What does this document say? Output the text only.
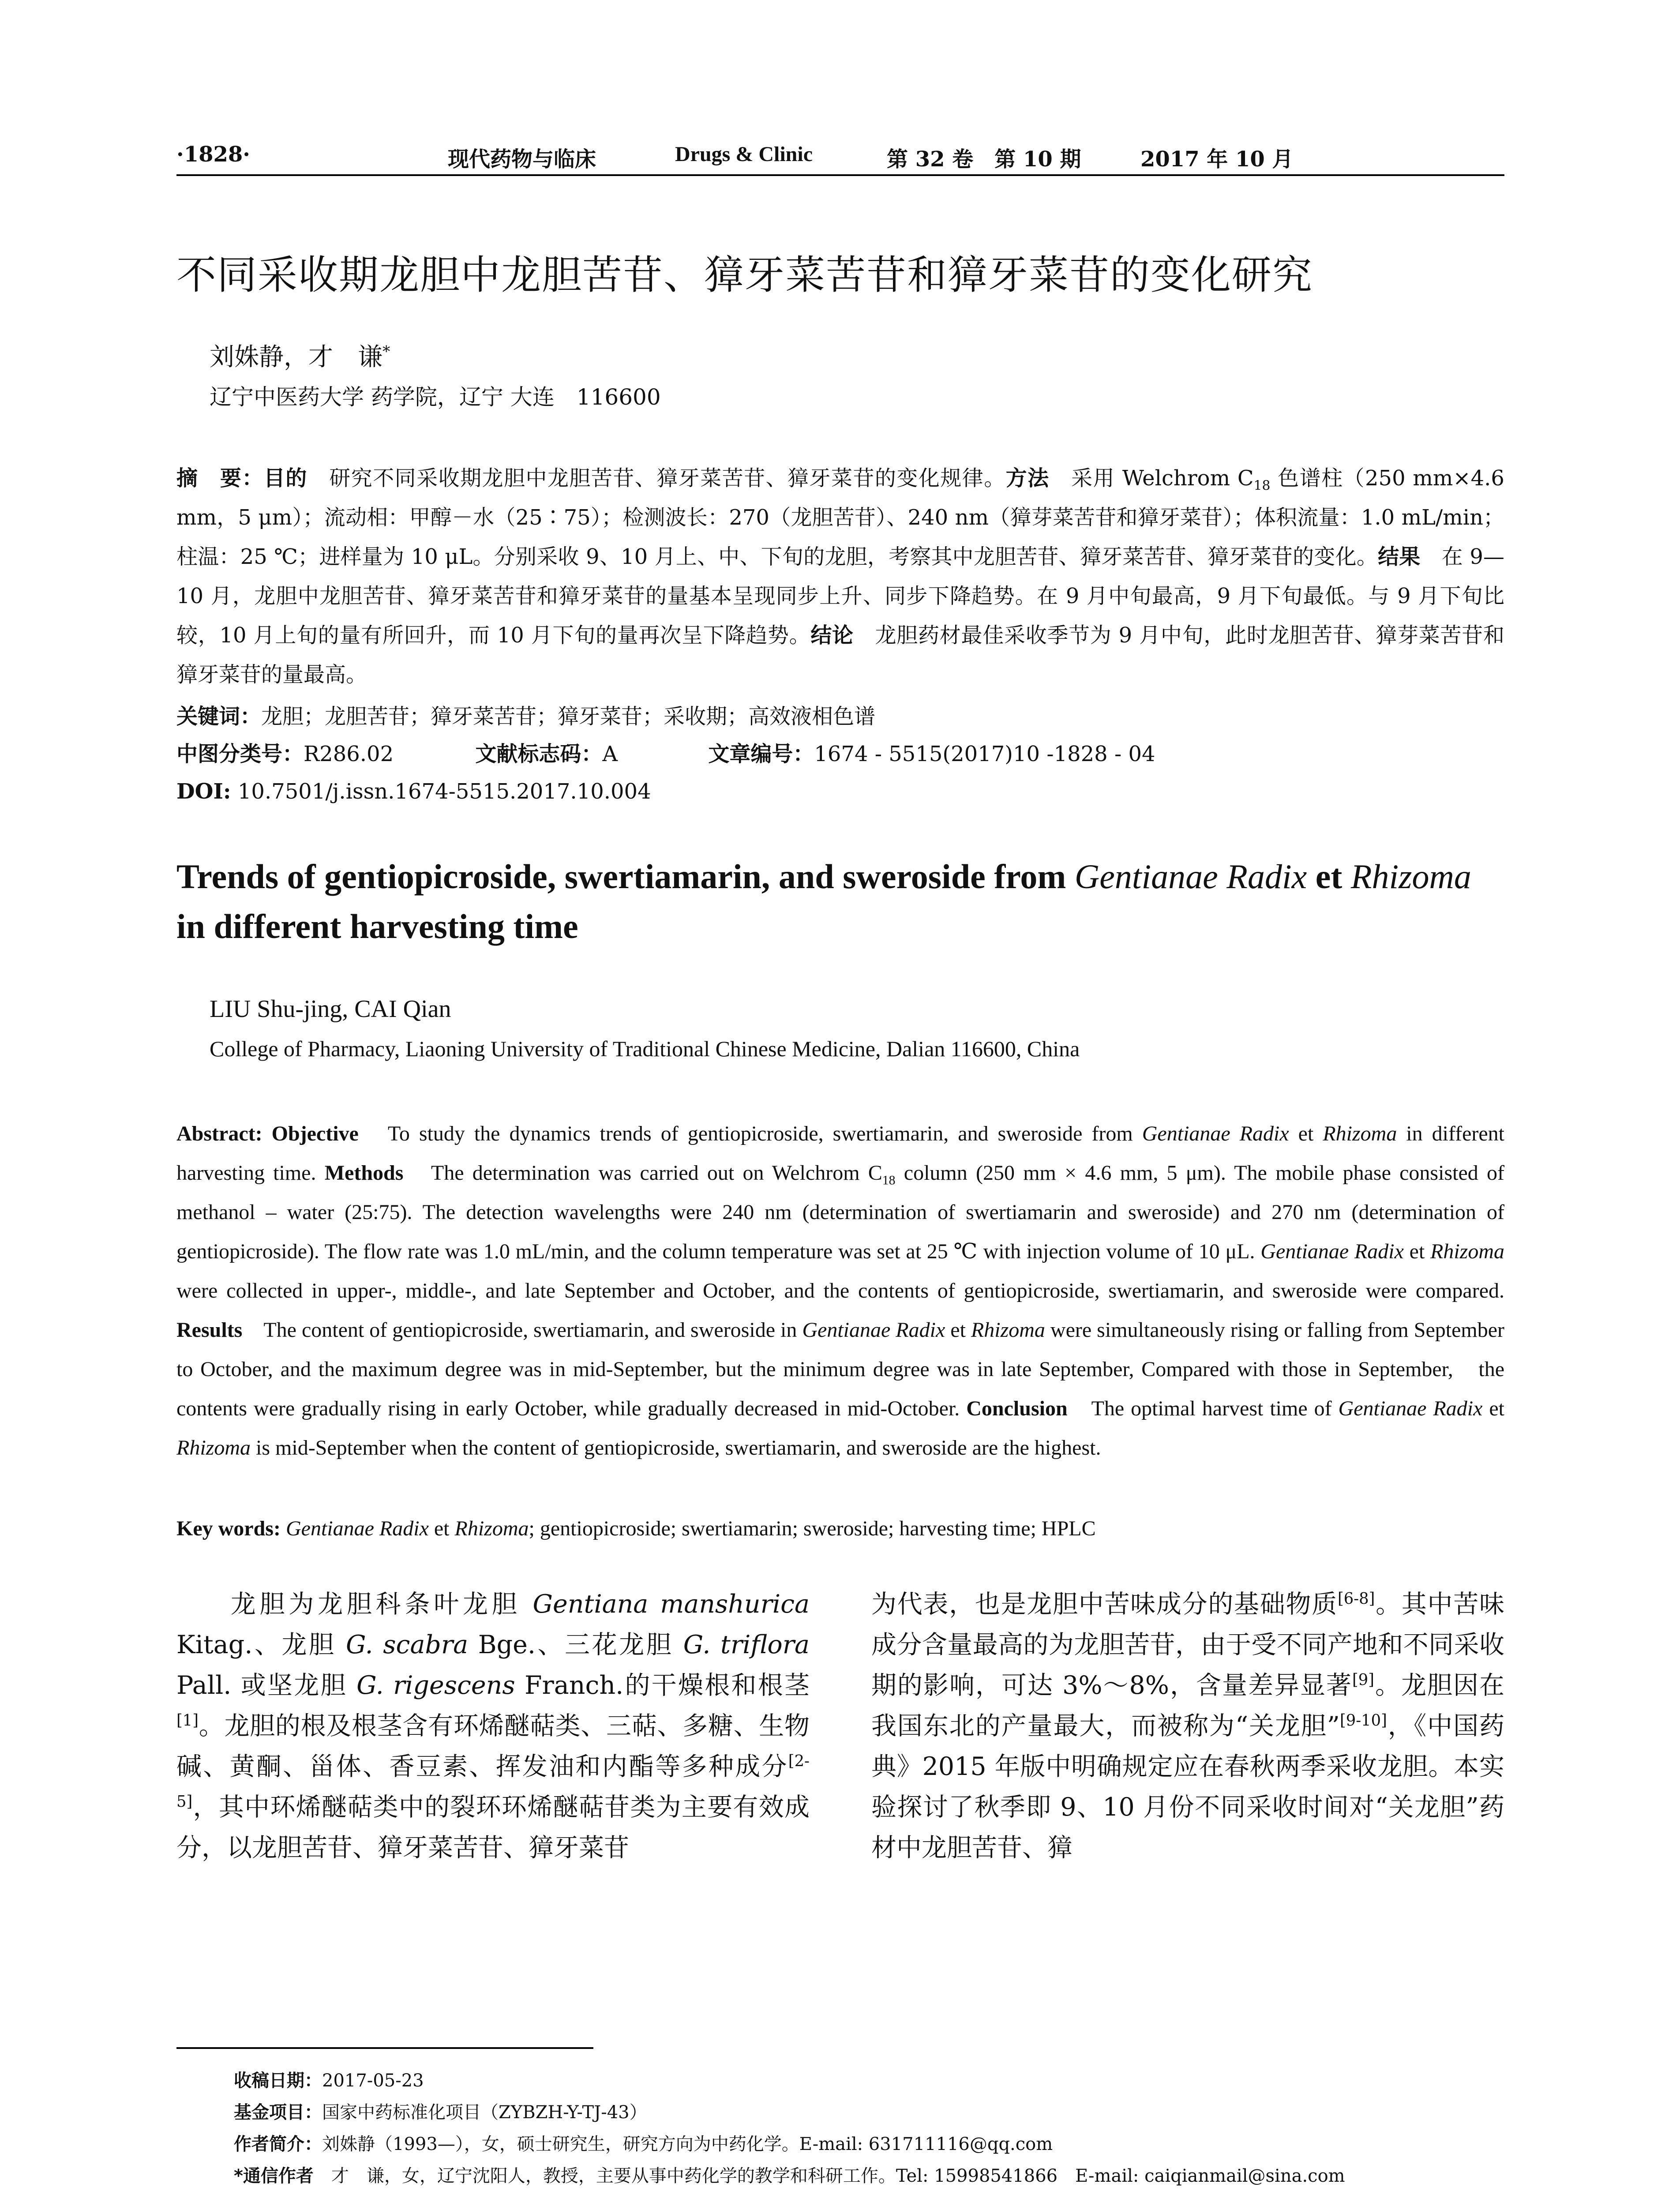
·1828·	现代药物与临床	Drugs & Clinic	第 32 卷　第 10 期	2017 年 10 月
不同采收期龙胆中龙胆苦苷、獐牙菜苦苷和獐牙菜苷的变化研究
刘姝静，才　谦*
辽宁中医药大学 药学院，辽宁 大连　116600
摘　要：目的　 研究不同采收期龙胆中龙胆苦苷、獐牙菜苦苷、獐牙菜苷的变化规律。方法　 采用 Welchrom $C_{18}$ 色谱柱（250 mm×4.6 mm，5 μm）；流动相：甲醇－水（25∶75）；检测波长：270（龙胆苦苷）、240 nm（獐芽菜苦苷和獐牙菜苷）；体积流量：1.0 mL/min；柱温：25 ℃；进样量为 10 μL。分别采收 9、10 月上、中、下旬的龙胆，考察其中龙胆苦苷、獐牙菜苦苷、獐牙菜苷的变化。结果　 在 9—10 月，龙胆中龙胆苦苷、獐牙菜苦苷和獐牙菜苷的量基本呈现同步上升、同步下降趋势。在 9 月中旬最高，9 月下旬最低。与 9 月下旬比较，10 月上旬的量有所回升，而 10 月下旬的量再次呈下降趋势。结论　 龙胆药材最佳采收季节为 9 月中旬，此时龙胆苦苷、獐芽菜苦苷和獐牙菜苷的量最高。
关键词：龙胆；龙胆苦苷；獐牙菜苦苷；獐牙菜苷；采收期；高效液相色谱
中图分类号：R286.02	文献标志码：A	文章编号：1674 - 5515(2017)10 -1828 - 04
DOI: 10.7501/j.issn.1674-5515.2017.10.004
Trends of gentiopicroside, swertiamarin, and sweroside from Gentianae Radix et Rhizoma in different harvesting time
LIU Shu-jing, CAI Qian
College of Pharmacy, Liaoning University of Traditional Chinese Medicine, Dalian 116600, China
Abstract: Objective　 To study the dynamics trends of gentiopicroside, swertiamarin, and sweroside from Gentianae Radix et Rhizoma in different harvesting time. Methods　 The determination was carried out on Welchrom $C_{18}$ column (250 mm × 4.6 mm, 5 μm). The mobile phase consisted of methanol – water (25:75). The detection wavelengths were 240 nm (determination of swertiamarin and sweroside) and 270 nm (determination of gentiopicroside). The flow rate was 1.0 mL/min, and the column temperature was set at 25 ℃ with injection volume of 10 μL. Gentianae Radix et Rhizoma were collected in upper-, middle-, and late September and October, and the contents of gentiopicroside, swertiamarin, and sweroside were compared. Results　 The content of gentiopicroside, swertiamarin, and sweroside in Gentianae Radix et Rhizoma were simultaneously rising or falling from September to October, and the maximum degree was in mid-September, but the minimum degree was in late September, Compared with those in September,　the contents were gradually rising in early October, while gradually decreased in mid-October. Conclusion　 The optimal harvest time of Gentianae Radix et Rhizoma is mid-September when the content of gentiopicroside, swertiamarin, and sweroside are the highest.
Key words: Gentianae Radix et Rhizoma; gentiopicroside; swertiamarin; sweroside; harvesting time; HPLC
龙胆为龙胆科条叶龙胆 Gentiana manshurica Kitag.、龙胆 G. scabra Bge.、三花龙胆 G. triflora Pall. 或坚龙胆 G. rigescens Franch.的干燥根和根茎[1]。龙胆的根及根茎含有环烯醚萜类、三萜、多糖、生物碱、黄酮、甾体、香豆素、挥发油和内酯等多种成分[2-5]，其中环烯醚萜类中的裂环环烯醚萜苷类为主要有效成分，以龙胆苦苷、獐牙菜苦苷、獐牙菜苷
为代表，也是龙胆中苦味成分的基础物质[6-8]。其中苦味成分含量最高的为龙胆苦苷，由于受不同产地和不同采收期的影响，可达 3%～8%，含量差异显著[9]。龙胆因在我国东北的产量最大，而被称为“关龙胆”[9-10]，《中国药典》2015 年版中明确规定应在春秋两季采收龙胆。本实验探讨了秋季即 9、10 月份不同采收时间对“关龙胆”药材中龙胆苦苷、獐
收稿日期：2017-05-23
基金项目：国家中药标准化项目（ZYBZH-Y-TJ-43）
作者简介：刘姝静（1993—），女，硕士研究生，研究方向为中药化学。E-mail: 631711116@qq.com
*通信作者　才　谦，女，辽宁沈阳人，教授，主要从事中药化学的教学和科研工作。Tel: 15998541866　E-mail: caiqianmail@sina.com
